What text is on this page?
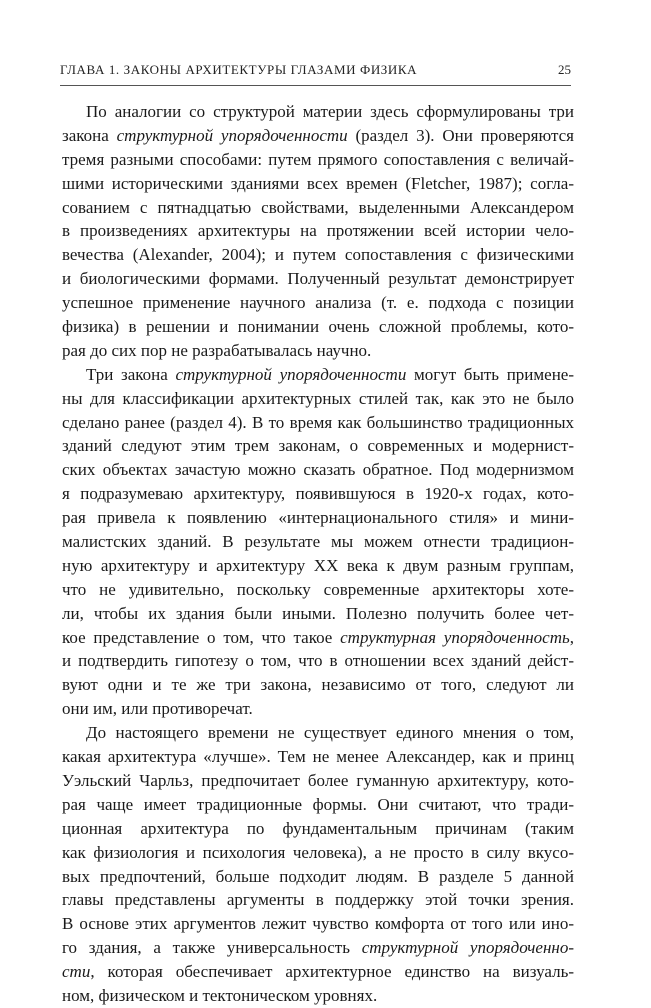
ГЛАВА 1. ЗАКОНЫ АРХИТЕКТУРЫ ГЛАЗАМИ ФИЗИКА	25
По аналогии со структурой материи здесь сформулированы три
закона структурной упорядоченности (раздел 3). Они проверяются
тремя разными способами: путем прямого сопоставления с величай-
шими историческими зданиями всех времен (Fletcher, 1987); согла-
сованием с пятнадцатью свойствами, выделенными Александером
в произведениях архитектуры на протяжении всей истории чело-
вечества (Alexander, 2004); и путем сопоставления с физическими
и биологическими формами. Полученный результат демонстрирует
успешное применение научного анализа (т. е. подхода с позиции
физика) в решении и понимании очень сложной проблемы, кото-
рая до сих пор не разрабатывалась научно.
Три закона структурной упорядоченности могут быть примене-
ны для классификации архитектурных стилей так, как это не было
сделано ранее (раздел 4). В то время как большинство традиционных
зданий следуют этим трем законам, о современных и модернист-
ских объектах зачастую можно сказать обратное. Под модернизмом
я подразумеваю архитектуру, появившуюся в 1920-х годах, кото-
рая привела к появлению «интернационального стиля» и мини-
малистских зданий. В результате мы можем отнести традицион-
ную архитектуру и архитектуру XX века к двум разным группам,
что не удивительно, поскольку современные архитекторы хоте-
ли, чтобы их здания были иными. Полезно получить более чет-
кое представление о том, что такое структурная упорядоченность,
и подтвердить гипотезу о том, что в отношении всех зданий дейст-
вуют одни и те же три закона, независимо от того, следуют ли
они им, или противоречат.
До настоящего времени не существует единого мнения о том,
какая архитектура «лучше». Тем не менее Александер, как и принц
Уэльский Чарльз, предпочитает более гуманную архитектуру, кото-
рая чаще имеет традиционные формы. Они считают, что тради-
ционная архитектура по фундаментальным причинам (таким
как физиология и психология человека), а не просто в силу вкусо-
вых предпочтений, больше подходит людям. В разделе 5 данной
главы представлены аргументы в поддержку этой точки зрения.
В основе этих аргументов лежит чувство комфорта от того или ино-
го здания, а также универсальность структурной упорядоченно-
сти, которая обеспечивает архитектурное единство на визуаль-
ном, физическом и тектоническом уровнях.
